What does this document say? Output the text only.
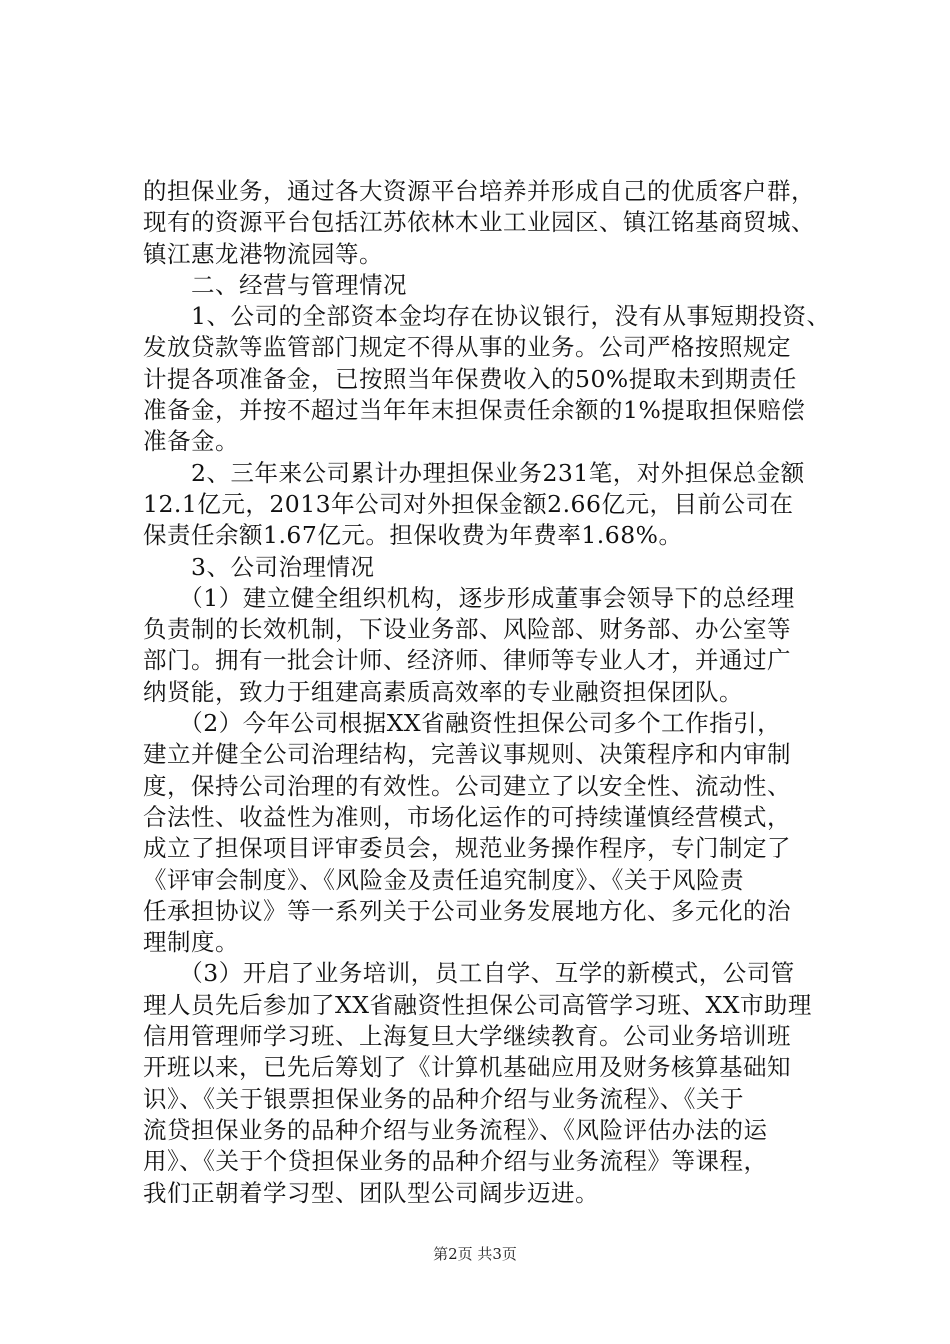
的担保业务，通过各大资源平台培养并形成自己的优质客户群，
现有的资源平台包括江苏依林木业工业园区、镇江铭基商贸城、
镇江惠龙港物流园等。
　　二、经营与管理情况
　　1、公司的全部资本金均存在协议银行，没有从事短期投资、
发放贷款等监管部门规定不得从事的业务。公司严格按照规定
计提各项准备金，已按照当年保费收入的50%提取未到期责任
准备金，并按不超过当年年末担保责任余额的1%提取担保赔偿
准备金。
　　2、三年来公司累计办理担保业务231笔，对外担保总金额
12.1亿元，2013年公司对外担保金额2.66亿元，目前公司在
保责任余额1.67亿元。担保收费为年费率1.68%。
　　3、公司治理情况
　　（1）建立健全组织机构，逐步形成董事会领导下的总经理
负责制的长效机制，下设业务部、风险部、财务部、办公室等
部门。拥有一批会计师、经济师、律师等专业人才，并通过广
纳贤能，致力于组建高素质高效率的专业融资担保团队。
　　（2）今年公司根据XX省融资性担保公司多个工作指引，
建立并健全公司治理结构，完善议事规则、决策程序和内审制
度，保持公司治理的有效性。公司建立了以安全性、流动性、
合法性、收益性为准则，市场化运作的可持续谨慎经营模式，
成立了担保项目评审委员会，规范业务操作程序，专门制定了
《评审会制度》、《风险金及责任追究制度》、《关于风险责
任承担协议》等一系列关于公司业务发展地方化、多元化的治
理制度。
　　（3）开启了业务培训，员工自学、互学的新模式，公司管
理人员先后参加了XX省融资性担保公司高管学习班、XX市助理
信用管理师学习班、上海复旦大学继续教育。公司业务培训班
开班以来，已先后筹划了《计算机基础应用及财务核算基础知
识》、《关于银票担保业务的品种介绍与业务流程》、《关于
流贷担保业务的品种介绍与业务流程》、《风险评估办法的运
用》、《关于个贷担保业务的品种介绍与业务流程》等课程，
我们正朝着学习型、团队型公司阔步迈进。
第2页 共3页
